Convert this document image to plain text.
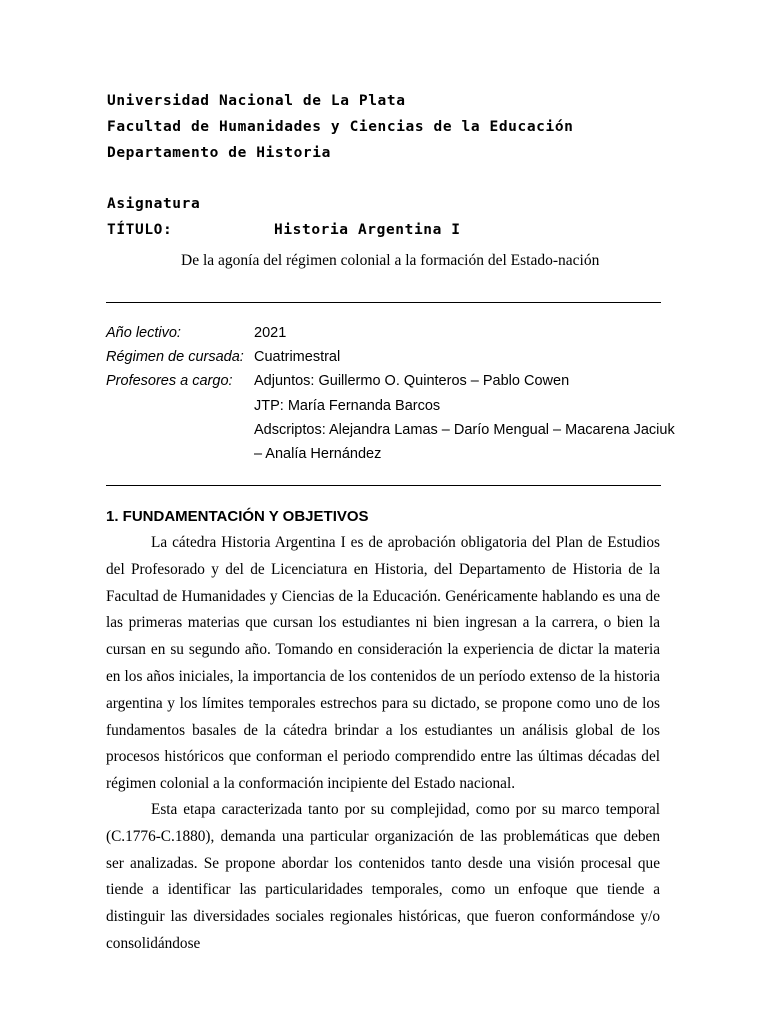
Universidad Nacional de La Plata
Facultad de Humanidades y Ciencias de la Educación
Departamento de Historia
Asignatura
TÍTULO:	Historia Argentina I
De la agonía del régimen colonial a la formación del Estado-nación
Año lectivo:	2021
Régimen de cursada: Cuatrimestral
Profesores a cargo: Adjuntos: Guillermo O. Quinteros – Pablo Cowen
JTP: María Fernanda Barcos
Adscriptos: Alejandra Lamas – Darío Mengual – Macarena Jaciuk
– Analía Hernández
1. FUNDAMENTACIÓN Y OBJETIVOS

La cátedra Historia Argentina I es de aprobación obligatoria del Plan de Estudios del Profesorado y del de Licenciatura en Historia, del Departamento de Historia de la Facultad de Humanidades y Ciencias de la Educación. Genéricamente hablando es una de las primeras materias que cursan los estudiantes ni bien ingresan a la carrera, o bien la cursan en su segundo año. Tomando en consideración la experiencia de dictar la materia en los años iniciales, la importancia de los contenidos de un período extenso de la historia argentina y los límites temporales estrechos para su dictado, se propone como uno de los fundamentos basales de la cátedra brindar a los estudiantes un análisis global de los procesos históricos que conforman el periodo comprendido entre las últimas décadas del régimen colonial a la conformación incipiente del Estado nacional.

Esta etapa caracterizada tanto por su complejidad, como por su marco temporal (C.1776-C.1880), demanda una particular organización de las problemáticas que deben ser analizadas. Se propone abordar los contenidos tanto desde una visión procesal que tiende a identificar las particularidades temporales, como un enfoque que tiende a distinguir las diversidades sociales regionales históricas, que fueron conformándose y/o consolidándose
